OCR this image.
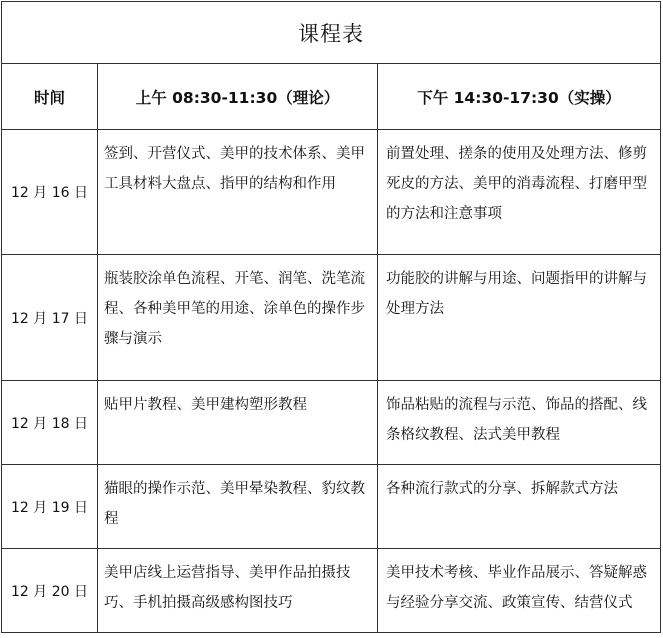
课程表		
时间	上午 08:30-11:30（理论）	下午 14:30-17:30（实操）
12 月 16 日	签到、开营仪式、美甲的技术体系、美甲工具材料大盘点、指甲的结构和作用	前置处理、搓条的使用及处理方法、修剪死皮的方法、美甲的消毒流程、打磨甲型的方法和注意事项
12 月 17 日	瓶装胶涂单色流程、开笔、润笔、洗笔流程、各种美甲笔的用途、涂单色的操作步骤与演示	功能胶的讲解与用途、问题指甲的讲解与处理方法
12 月 18 日	贴甲片教程、美甲建构塑形教程	饰品粘贴的流程与示范、饰品的搭配、线条格纹教程、法式美甲教程
12 月 19 日	猫眼的操作示范、美甲晕染教程、豹纹教程	各种流行款式的分享、拆解款式方法
12 月 20 日	美甲店线上运营指导、美甲作品拍摄技巧、手机拍摄高级感构图技巧	美甲技术考核、毕业作品展示、答疑解惑与经验分享交流、政策宣传、结营仪式
